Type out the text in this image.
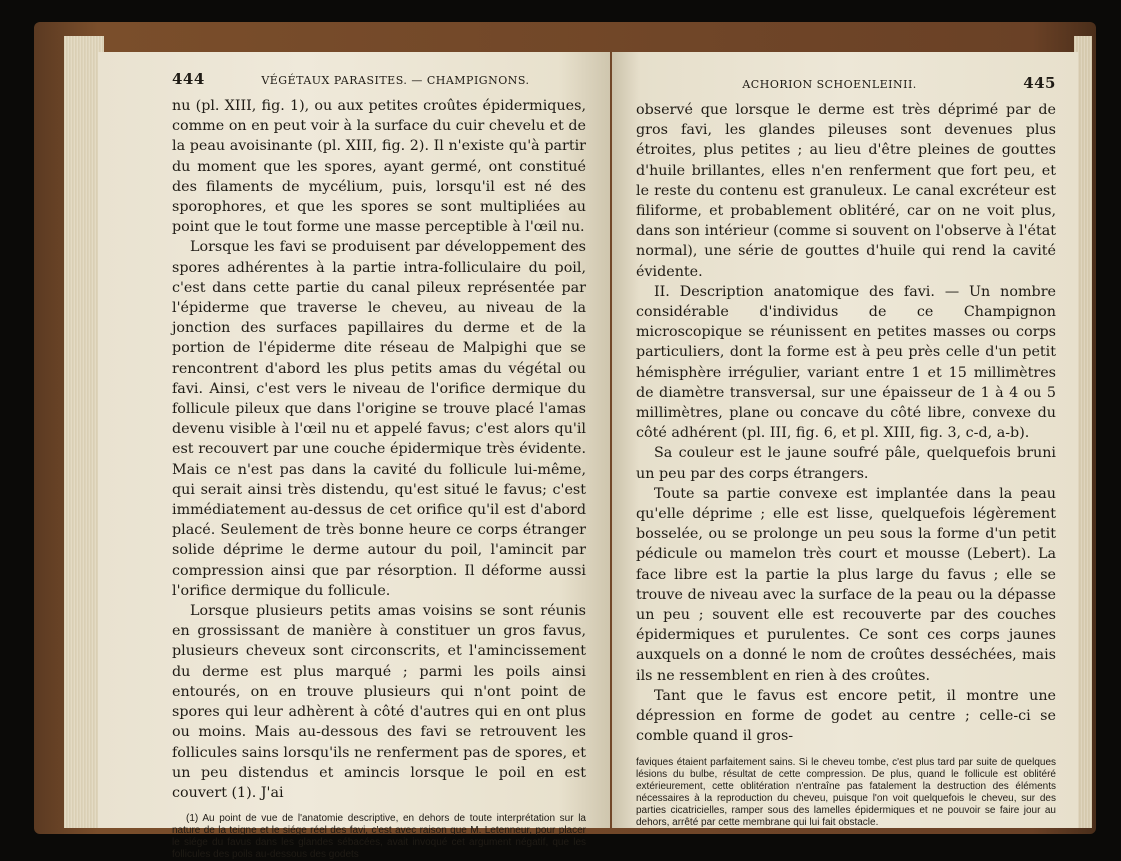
444	VÉGÉTAUX PARASITES. — CHAMPIGNONS.

nu (pl. XIII, fig. 1), ou aux petites croûtes épidermiques, comme on en peut voir à la surface du cuir chevelu et de la peau avoisinante (pl. XIII, fig. 2). Il n'existe qu'à partir du moment que les spores, ayant germé, ont constitué des filaments de mycélium, puis, lorsqu'il est né des sporophores, et que les spores se sont multipliées au point que le tout forme une masse perceptible à l'œil nu.

Lorsque les favi se produisent par développement des spores adhérentes à la partie intra-folliculaire du poil, c'est dans cette partie du canal pileux représentée par l'épiderme que traverse le cheveu, au niveau de la jonction des surfaces papillaires du derme et de la portion de l'épiderme dite réseau de Malpighi que se rencontrent d'abord les plus petits amas du végétal ou favi. Ainsi, c'est vers le niveau de l'orifice dermique du follicule pileux que dans l'origine se trouve placé l'amas devenu visible à l'œil nu et appelé favus; c'est alors qu'il est recouvert par une couche épidermique très évidente. Mais ce n'est pas dans la cavité du follicule lui-même, qui serait ainsi très distendu, qu'est situé le favus; c'est immédiatement au-dessus de cet orifice qu'il est d'abord placé. Seulement de très bonne heure ce corps étranger solide déprime le derme autour du poil, l'amincit par compression ainsi que par résorption. Il déforme aussi l'orifice dermique du follicule.

Lorsque plusieurs petits amas voisins se sont réunis en grossissant de manière à constituer un gros favus, plusieurs cheveux sont circonscrits, et l'amincissement du derme est plus marqué ; parmi les poils ainsi entourés, on en trouve plusieurs qui n'ont point de spores qui leur adhèrent à côté d'autres qui en ont plus ou moins. Mais au-dessous des favi se retrouvent les follicules sains lorsqu'ils ne renferment pas de spores, et un peu distendus et amincis lorsque le poil en est couvert (1). J'ai

(1) Au point de vue de l'anatomie descriptive, en dehors de toute interprétation sur la nature de la teigne et le siége réel des favi, c'est avec raison que M. Letenneur, pour placer le siége du favus dans les glandes sébacées, avait invoqué cet argument négatif, que les follicules des poils au-dessous des godets
ACHORION SCHOENLEINII.	445

observé que lorsque le derme est très déprimé par de gros favi, les glandes pileuses sont devenues plus étroites, plus petites ; au lieu d'être pleines de gouttes d'huile brillantes, elles n'en renferment que fort peu, et le reste du contenu est granuleux. Le canal excréteur est filiforme, et probablement oblitéré, car on ne voit plus, dans son intérieur (comme si souvent on l'observe à l'état normal), une série de gouttes d'huile qui rend la cavité évidente.

II. Description anatomique des favi. — Un nombre considérable d'individus de ce Champignon microscopique se réunissent en petites masses ou corps particuliers, dont la forme est à peu près celle d'un petit hémisphère irrégulier, variant entre 1 et 15 millimètres de diamètre transversal, sur une épaisseur de 1 à 4 ou 5 millimètres, plane ou concave du côté libre, convexe du côté adhérent (pl. III, fig. 6, et pl. XIII, fig. 3, c-d, a-b).

Sa couleur est le jaune soufré pâle, quelquefois bruni un peu par des corps étrangers.

Toute sa partie convexe est implantée dans la peau qu'elle déprime ; elle est lisse, quelquefois légèrement bosselée, ou se prolonge un peu sous la forme d'un petit pédicule ou mamelon très court et mousse (Lebert). La face libre est la partie la plus large du favus ; elle se trouve de niveau avec la surface de la peau ou la dépasse un peu ; souvent elle est recouverte par des couches épidermiques et purulentes. Ce sont ces corps jaunes auxquels on a donné le nom de croûtes desséchées, mais ils ne ressemblent en rien à des croûtes.

Tant que le favus est encore petit, il montre une dépression en forme de godet au centre ; celle-ci se comble quand il gros-

faviques étaient parfaitement sains. Si le cheveu tombe, c'est plus tard par suite de quelques lésions du bulbe, résultat de cette compression. De plus, quand le follicule est oblitéré extérieurement, cette oblitération n'entraîne pas fatalement la destruction des éléments nécessaires à la reproduction du cheveu, puisque l'on voit quelquefois le cheveu, sur des parties cicatricielles, ramper sous des lamelles épidermiques et ne pouvoir se faire jour au dehors, arrêté par cette membrane qui lui fait obstacle.
